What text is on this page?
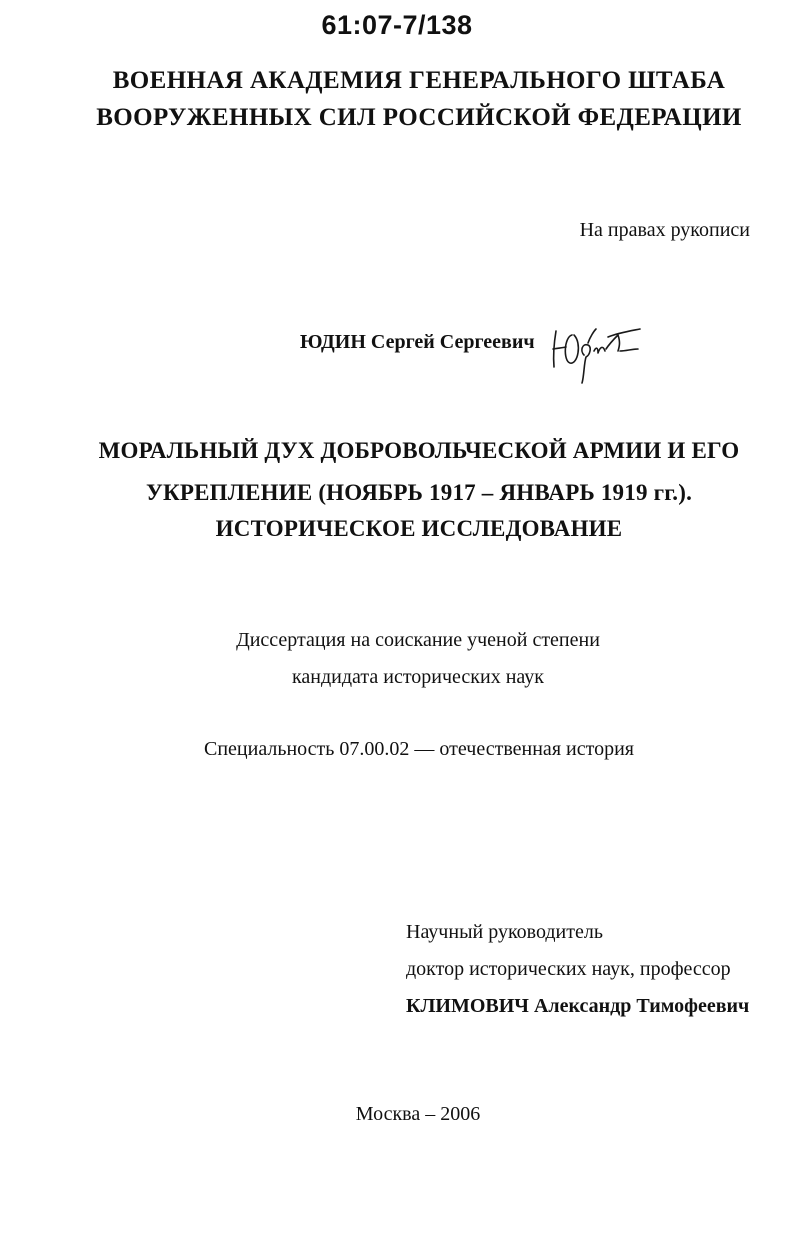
61:07-7/138
ВОЕННАЯ АКАДЕМИЯ ГЕНЕРАЛЬНОГО ШТАБА
ВООРУЖЕННЫХ СИЛ РОССИЙСКОЙ ФЕДЕРАЦИИ
На правах рукописи
ЮДИН Сергей Сергеевич
МОРАЛЬНЫЙ ДУХ ДОБРОВОЛЬЧЕСКОЙ АРМИИ И ЕГО
УКРЕПЛЕНИЕ (НОЯБРЬ 1917 – ЯНВАРЬ 1919 гг.).
ИСТОРИЧЕСКОЕ ИССЛЕДОВАНИЕ
Диссертация на соискание ученой степени
кандидата исторических наук
Специальность 07.00.02 — отечественная история
Научный руководитель
доктор исторических наук, профессор
КЛИМОВИЧ Александр Тимофеевич
Москва – 2006
